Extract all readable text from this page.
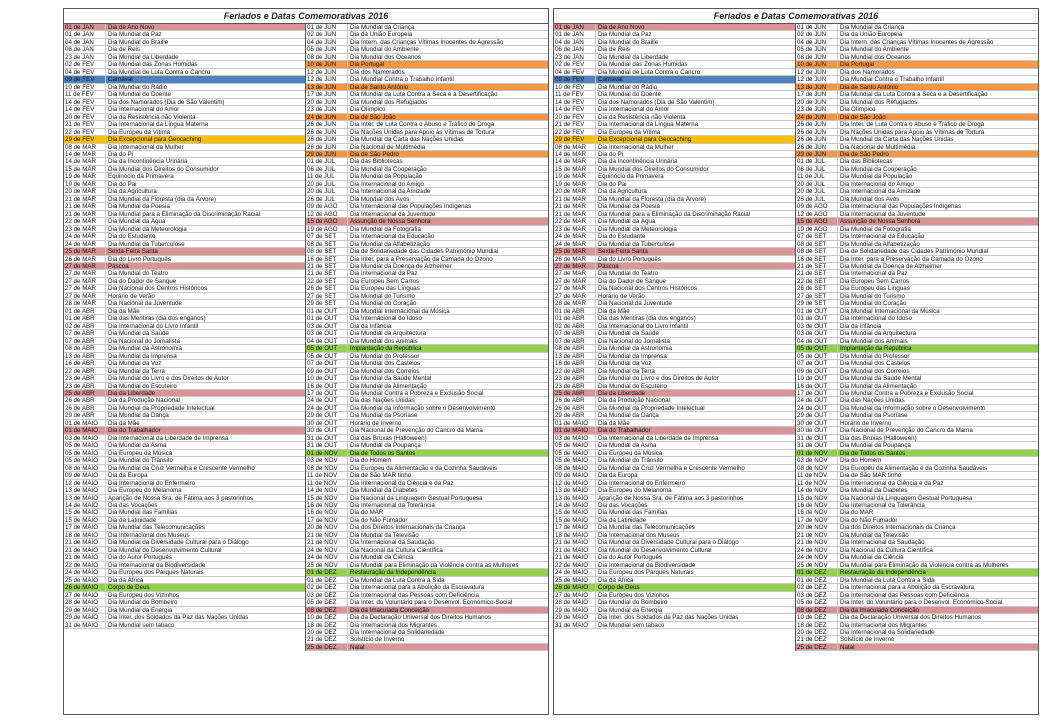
Feriados e Datas Comemorativas 2016
01 de JAN	Dia de Ano Novo
01 de JAN	Dia Mundial da Paz
04 de JAN	Dia Mundial do Braille
06 de JAN	Dia de Reis
23 de JAN	Dia Mundial da Liberdade
02 de FEV	Dia Mundial das Zonas Húmidas
04 de FEV	Dia Mundial de Luta Contra o Cancro
09 de FEV	Carnaval
10 de FEV	Dia Mundial do Rádio
11 de FEV	Dia Mundial do Doente
14 de FEV	Dia dos Namorados (Dia de São Valentim)
14 de FEV	Dia Internacional do Amor
20 de FEV	Dia da Resistência não Violenta
21 de FEV	Dia Internacional da Língua Materna
22 de FEV	Dia Europeu da Vítima
29 de FEV	Dia Excepcional para Geocaching
08 de MAR	Dia Internacional da Mulher
14 de MAR	Dia do Pi
14 de MAR	Dia da Incontinência Urinária
15 de MAR	Dia Mundial dos Direitos do Consumidor
19 de MAR	Equinócio da Primavera
19 de MAR	Dia do Pai
20 de MAR	Dia da Agricultura
21 de MAR	Dia Mundial da Floresta (dia da Árvore)
21 de MAR	Dia Mundial da Poesia
21 de MAR	Dia Mundial para a Eliminação da Discriminação Racial
22 de MAR	Dia Mundial da Água
23 de MAR	Dia Mundial da Meteorologia
24 de MAR	Dia do Estudante
24 de MAR	Dia Mundial da Tuberculose
25 de MAR	Sexta-Feira Santa
26 de MAR	Dia do Livro Português
27 de MAR	Páscoa
27 de MAR	Dia Mundial do Teatro
27 de MAR	Dia do Dador de Sangue
27 de MAR	Dia Nacional dos Centros Históricos
27 de MAR	Horário de Verão
28 de MAR	Dia Nacional da Juventude
01 de ABR	Dia da Mãe
01 de ABR	Dia das Mentiras (dia dos enganos)
02 de ABR	Dia Internacional do Livro Infantil
07 de ABR	Dia Mundial da Saúde
07 de ABR	Dia Nacional do Jornalista
08 de ABR	Dia Mundial da Astronomia
13 de ABR	Dia Mundial da Imprensa
16 de ABR	Dia Mundial da Voz
22 de ABR	Dia Mundial da Terra
23 de ABR	Dia Mundial do Livro e dos Direitos de Autor
23 de ABR	Dia Mundial do Escuteiro
25 de ABR	Dia da Liberdade
26 de ABR	Dia da Produção Nacional
26 de ABR	Dia Mundial da Propriedade Intelectual
29 de ABR	Dia Mundial da Dança
01 de MAIO	Dia da Mãe
01 de MAIO	Dia do Trabalhador
03 de MAIO	Dia Internacional da Liberdade de Imprensa
05 de MAIO	Dia Mundial da Asma
05 de MAIO	Dia Europeu da Música
05 de MAIO	Dia Mundial do Trânsito
08 de MAIO	Dia Mundial da Cruz Vermelha e Crescente Vermelho
09 de MAIO	Dia da Europa
12 de MAIO	Dia Internacional do Enfermeiro
13 de MAIO	Dia Europeu do Melanoma
13 de MAIO	Aparição de Nossa Sra. de Fátima aos 3 pastorinhos
14 de MAIO	Dia das Vocações
15 de MAIO	Dia Mundial das Famílias
15 de MAIO	Dia da Latinidade
17 de MAIO	Dia Mundial das Telecomunicações
18 de MAIO	Dia Internacional dos Museus
21 de MAIO	Dia Mundial da Diversidade Cultural para o Diálogo
21 de MAIO	Dia Mundial do Desenvolvimento Cultural
21 de MAIO	Dia do Autor Português
22 de MAIO	Dia Internacional da Biodiversidade
24 de MAIO	Dia Europeu dos Parques Naturais
25 de MAIO	Dia da África
26 de MAIO	Corpo de Deus
27 de MAIO	Dia Europeu dos Vizinhos
28 de MAIO	Dia Mundial do Bombeiro
29 de MAIO	Dia Mundial da Energia
29 de MAIO	Dia Inter. dos Soldados da Paz das Nações Unidas
31 de MAIO	Dia Mundial sem tabaco
01 de JUN	Dia Mundial da Criança
02 de JUN	Dia da União Europeia
04 de JUN	Dia Intern. das Crianças Vítimas Inocentes de Agressão
05 de JUN	Dia Mundial do Ambiente
08 de JUN	Dia Mundial dos Oceanos
10 de JUN	Dia Portugal
12 de JUN	Dia dos Namorados
12 de JUN	Dia Mundial Contra o Trabalho Infantil
13 de JUN	Dia de Santo António
17 de JUN	Dia Mundial da Luta Contra a Seca e a Desertificação
20 de JUN	Dia Mundial dos Refugiados
23 de JUN	Dia Olímpico
24 de JUN	Dia de São João
26 de JUN	Dia Inter. de Luta Contra o Abuso e Tráfico de Droga
26 de JUN	Dia Nações Unidas para Apoio às Vítimas de Tortura
26 de JUN	Dia Mundial da Carta das Nações Unidas
26 de JUN	Dia Nacional de Multimédia
29 de JUN	Dia de São Pedro
01 de JUL	Dia das Bibliotecas
06 de JUL	Dia Mundial da Cooperação
11 de JUL	Dia Mundial da População
20 de JUL	Dia Internacional do Amigo
20 de JUL	Dia Internacional da Amizade
26 de JUL	Dia Mundial dos Avós
09 de AGO	Dia Internacional das Populações Indígenas
12 de AGO	Dia Internacional da Juventude
15 de AGO	Assunção de Nossa Senhora
19 de AGO	Dia Mundial da Fotografia
07 de SET	Dia Internacional da Educação
08 de SET	Dia Mundial da Alfabetização
08 de SET	Dia de Solidariedade das Cidades Património Mundial
16 de SET	Dia Inter. para a Preservação da Camada do Ozono
21 de SET	Dia Mundial da Doença de Alzheimer
21 de SET	Dia Internacional da Paz
22 de SET	Dia Europeu Sem Carros
26 de SET	Dia Europeu das Línguas
27 de SET	Dia Mundial do Turismo
29 de SET	Dia Mundial do Coração
01 de OUT	Dia Mundial Internacional da Música
01 de OUT	Dia Internacional do Idoso
03 de OUT	Dia da Infância
03 de OUT	Dia Mundial da Arquitectura
04 de OUT	Dia Mundial dos Animais
05 de OUT	Implantação da República
05 de OUT	Dia Mundial do Professor
07 de OUT	Dia Mundial dos Castelos
09 de OUT	Dia Mundial dos Correios
10 de OUT	Dia Mundial da Saúde Mental
16 de OUT	Dia Mundial da Alimentação
17 de OUT	Dia Mundial Contra a Pobreza e Exclusão Social
24 de OUT	Dia das Nações Unidas
24 de OUT	Dia Mundial da Informação sobre o Desenvolvimento
29 de OUT	Dia Mundial da Psoríase
30 de OUT	Horário de Inverno
30 de OUT	Dia Nacional de Prevenção do Cancro da Mama
31 de OUT	Dia das Bruxas (Halloween)
31 de OUT	Dia Mundial da Poupança
01 de NOV	Dia de Todos os Santos
03 de NOV	Dia do Homem
08 de NOV	Dia Europeu da Alimentação e da Cozinha Saudáveis
11 de NOV	Dia de São MAR tinho
11 de NOV	Dia Internacional da Ciência e da Paz
14 de NOV	Dia Mundial da Diabetes
15 de NOV	Dia Nacional da Linguagem Gestual Portuguesa
16 de NOV	Dia Internacional da Tolerância
16 de NOV	Dia do MAR
17 de NOV	Dia do Não Fumador
20 de NOV	Dia dos Direitos Internacionais da Criança
21 de NOV	Dia Mundial da Televisão
21 de NOV	Dia Internacional da Saudação
24 de NOV	Dia Nacional da Cultura Científica
24 de NOV	Dia Mundial da Ciência
25 de NOV	Dia Mundial para Eliminação da Violência contra as Mulheres
01 de DEZ	Restauração da Independência
01 de DEZ	Dia Mundial da Luta Contra a Sida
02 de DEZ	Dia Internacional para a Abolição da Escravatura
03 de DEZ	Dia Internacional das Pessoas com Deficiência
05 de DEZ	Dia Inter. do Voluntário para o Desenvol. Económico-Social
08 de DEZ	Dia da Imaculada Conceição
10 de DEZ	Dia da Declaração Universal dos Direitos Humanos
18 de DEZ	Dia Internacional dos Migrantes
20 de DEZ	Dia Internacional da Solidariedade
21 de DEZ	Solstício de Inverno
25 de DEZ	Natal
Feriados e Datas Comemorativas 2016
01 de JAN	Dia de Ano Novo
01 de JAN	Dia Mundial da Paz
04 de JAN	Dia Mundial do Braille
06 de JAN	Dia de Reis
23 de JAN	Dia Mundial da Liberdade
02 de FEV	Dia Mundial das Zonas Húmidas
04 de FEV	Dia Mundial de Luta Contra o Cancro
09 de FEV	Carnaval
10 de FEV	Dia Mundial do Rádio
11 de FEV	Dia Mundial do Doente
14 de FEV	Dia dos Namorados (Dia de São Valentim)
14 de FEV	Dia Internacional do Amor
20 de FEV	Dia da Resistência não Violenta
21 de FEV	Dia Internacional da Língua Materna
22 de FEV	Dia Europeu da Vítima
29 de FEV	Dia Excepcional para Geocaching
08 de MAR	Dia Internacional da Mulher
14 de MAR	Dia do Pi
14 de MAR	Dia da Incontinência Urinária
15 de MAR	Dia Mundial dos Direitos do Consumidor
19 de MAR	Equinócio da Primavera
19 de MAR	Dia do Pai
20 de MAR	Dia da Agricultura
21 de MAR	Dia Mundial da Floresta (dia da Árvore)
21 de MAR	Dia Mundial da Poesia
21 de MAR	Dia Mundial para a Eliminação da Discriminação Racial
22 de MAR	Dia Mundial da Água
23 de MAR	Dia Mundial da Meteorologia
24 de MAR	Dia do Estudante
24 de MAR	Dia Mundial da Tuberculose
25 de MAR	Sexta-Feira Santa
26 de MAR	Dia do Livro Português
27 de MAR	Páscoa
27 de MAR	Dia Mundial do Teatro
27 de MAR	Dia do Dador de Sangue
27 de MAR	Dia Nacional dos Centros Históricos
27 de MAR	Horário de Verão
28 de MAR	Dia Nacional da Juventude
01 de ABR	Dia da Mãe
01 de ABR	Dia das Mentiras (dia dos enganos)
02 de ABR	Dia Internacional do Livro Infantil
07 de ABR	Dia Mundial da Saúde
07 de ABR	Dia Nacional do Jornalista
08 de ABR	Dia Mundial da Astronomia
13 de ABR	Dia Mundial da Imprensa
16 de ABR	Dia Mundial da Voz
22 de ABR	Dia Mundial da Terra
23 de ABR	Dia Mundial do Livro e dos Direitos de Autor
23 de ABR	Dia Mundial do Escuteiro
25 de ABR	Dia da Liberdade
26 de ABR	Dia da Produção Nacional
26 de ABR	Dia Mundial da Propriedade Intelectual
29 de ABR	Dia Mundial da Dança
01 de MAIO	Dia da Mãe
01 de MAIO	Dia do Trabalhador
03 de MAIO	Dia Internacional da Liberdade de Imprensa
05 de MAIO	Dia Mundial da Asma
05 de MAIO	Dia Europeu da Música
05 de MAIO	Dia Mundial do Trânsito
08 de MAIO	Dia Mundial da Cruz Vermelha e Crescente Vermelho
09 de MAIO	Dia da Europa
12 de MAIO	Dia Internacional do Enfermeiro
13 de MAIO	Dia Europeu do Melanoma
13 de MAIO	Aparição de Nossa Sra. de Fátima aos 3 pastorinhos
14 de MAIO	Dia das Vocações
15 de MAIO	Dia Mundial das Famílias
15 de MAIO	Dia da Latinidade
17 de MAIO	Dia Mundial das Telecomunicações
18 de MAIO	Dia Internacional dos Museus
21 de MAIO	Dia Mundial da Diversidade Cultural para o Diálogo
21 de MAIO	Dia Mundial do Desenvolvimento Cultural
21 de MAIO	Dia do Autor Português
22 de MAIO	Dia Internacional da Biodiversidade
24 de MAIO	Dia Europeu dos Parques Naturais
25 de MAIO	Dia da África
26 de MAIO	Corpo de Deus
27 de MAIO	Dia Europeu dos Vizinhos
28 de MAIO	Dia Mundial do Bombeiro
29 de MAIO	Dia Mundial da Energia
29 de MAIO	Dia Inter. dos Soldados da Paz das Nações Unidas
31 de MAIO	Dia Mundial sem tabaco
01 de JUN	Dia Mundial da Criança
02 de JUN	Dia da União Europeia
04 de JUN	Dia Intern. das Crianças Vítimas Inocentes de Agressão
05 de JUN	Dia Mundial do Ambiente
08 de JUN	Dia Mundial dos Oceanos
10 de JUN	Dia Portugal
12 de JUN	Dia dos Namorados
12 de JUN	Dia Mundial Contra o Trabalho Infantil
13 de JUN	Dia de Santo António
17 de JUN	Dia Mundial da Luta Contra a Seca e a Desertificação
20 de JUN	Dia Mundial dos Refugiados
23 de JUN	Dia Olímpico
24 de JUN	Dia de São João
26 de JUN	Dia Inter. de Luta Contra o Abuso e Tráfico de Droga
26 de JUN	Dia Nações Unidas para Apoio às Vítimas de Tortura
26 de JUN	Dia Mundial da Carta das Nações Unidas
26 de JUN	Dia Nacional de Multimédia
29 de JUN	Dia de São Pedro
01 de JUL	Dia das Bibliotecas
06 de JUL	Dia Mundial da Cooperação
11 de JUL	Dia Mundial da População
20 de JUL	Dia Internacional do Amigo
20 de JUL	Dia Internacional da Amizade
26 de JUL	Dia Mundial dos Avós
09 de AGO	Dia Internacional das Populações Indígenas
12 de AGO	Dia Internacional da Juventude
15 de AGO	Assunção de Nossa Senhora
19 de AGO	Dia Mundial da Fotografia
07 de SET	Dia Internacional da Educação
08 de SET	Dia Mundial da Alfabetização
08 de SET	Dia de Solidariedade das Cidades Património Mundial
16 de SET	Dia Inter. para a Preservação da Camada do Ozono
21 de SET	Dia Mundial da Doença de Alzheimer
21 de SET	Dia Internacional da Paz
22 de SET	Dia Europeu Sem Carros
26 de SET	Dia Europeu das Línguas
27 de SET	Dia Mundial do Turismo
29 de SET	Dia Mundial do Coração
01 de OUT	Dia Mundial Internacional da Música
01 de OUT	Dia Internacional do Idoso
03 de OUT	Dia da Infância
03 de OUT	Dia Mundial da Arquitectura
04 de OUT	Dia Mundial dos Animais
05 de OUT	Implantação da República
05 de OUT	Dia Mundial do Professor
07 de OUT	Dia Mundial dos Castelos
09 de OUT	Dia Mundial dos Correios
10 de OUT	Dia Mundial da Saúde Mental
16 de OUT	Dia Mundial da Alimentação
17 de OUT	Dia Mundial Contra a Pobreza e Exclusão Social
24 de OUT	Dia das Nações Unidas
24 de OUT	Dia Mundial da Informação sobre o Desenvolvimento
29 de OUT	Dia Mundial da Psoríase
30 de OUT	Horário de Inverno
30 de OUT	Dia Nacional de Prevenção do Cancro da Mama
31 de OUT	Dia das Bruxas (Halloween)
31 de OUT	Dia Mundial da Poupança
01 de NOV	Dia de Todos os Santos
03 de NOV	Dia do Homem
08 de NOV	Dia Europeu da Alimentação e da Cozinha Saudáveis
11 de NOV	Dia de São MAR tinho
11 de NOV	Dia Internacional da Ciência e da Paz
14 de NOV	Dia Mundial da Diabetes
15 de NOV	Dia Nacional da Linguagem Gestual Portuguesa
16 de NOV	Dia Internacional da Tolerância
16 de NOV	Dia do MAR
17 de NOV	Dia do Não Fumador
20 de NOV	Dia dos Direitos Internacionais da Criança
21 de NOV	Dia Mundial da Televisão
21 de NOV	Dia Internacional da Saudação
24 de NOV	Dia Nacional da Cultura Científica
24 de NOV	Dia Mundial da Ciência
25 de NOV	Dia Mundial para Eliminação da Violência contra as Mulheres
01 de DEZ	Restauração da Independência
01 de DEZ	Dia Mundial da Luta Contra a Sida
02 de DEZ	Dia Internacional para a Abolição da Escravatura
03 de DEZ	Dia Internacional das Pessoas com Deficiência
05 de DEZ	Dia Inter. do Voluntário para o Desenvol. Económico-Social
08 de DEZ	Dia da Imaculada Conceição
10 de DEZ	Dia da Declaração Universal dos Direitos Humanos
18 de DEZ	Dia Internacional dos Migrantes
20 de DEZ	Dia Internacional da Solidariedade
21 de DEZ	Solstício de Inverno
25 de DEZ	Natal
